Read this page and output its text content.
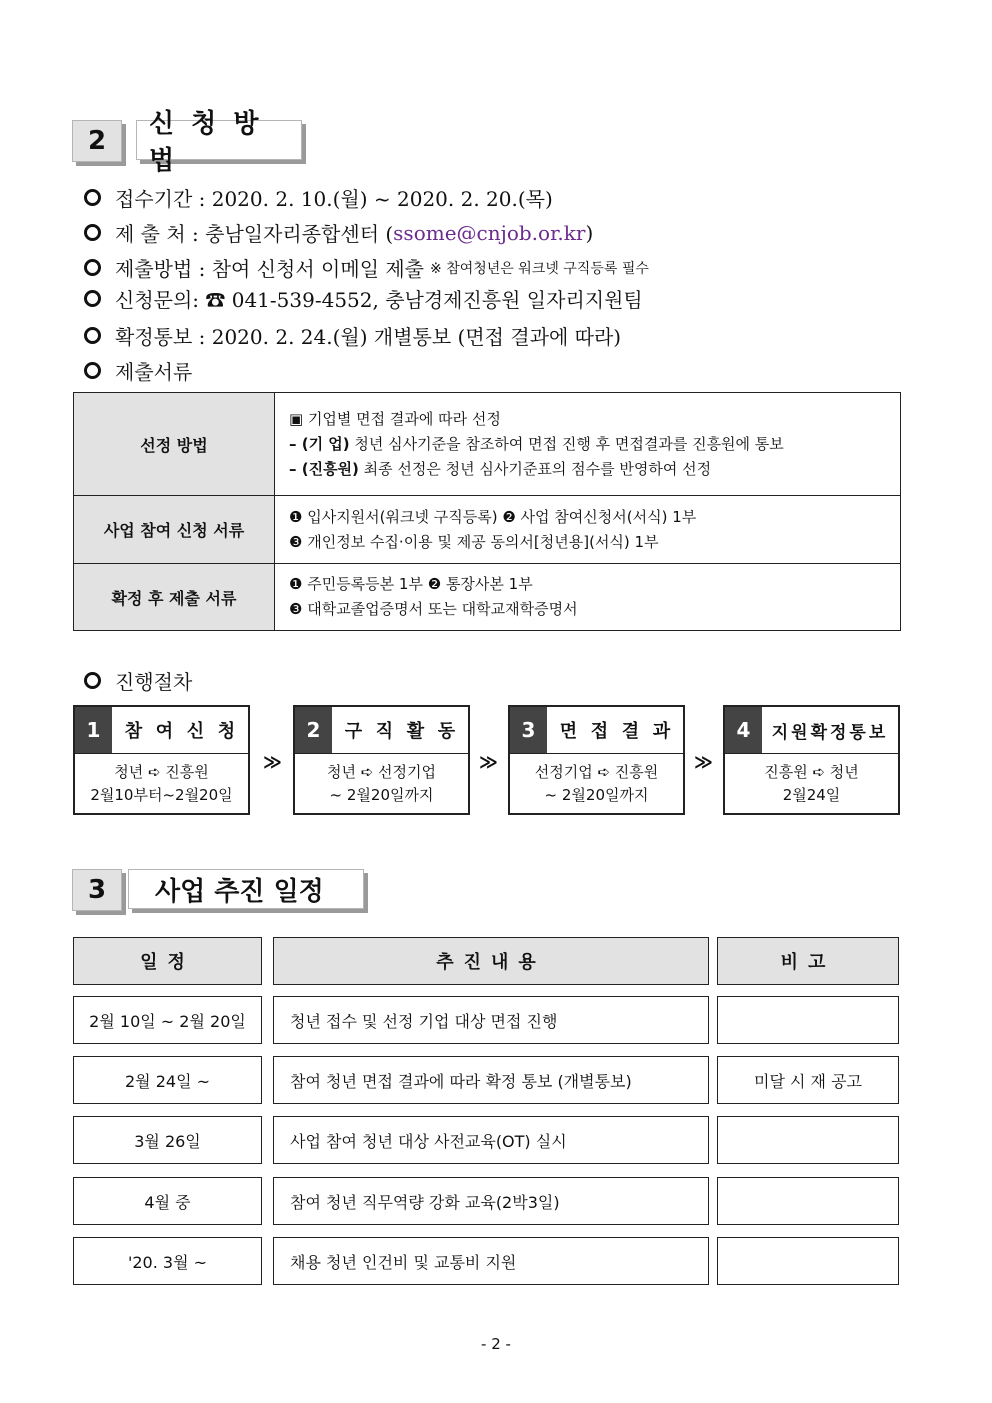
2
신 청 방 법
접수기간 : 2020. 2. 10.(월) ~ 2020. 2. 20.(목)
제 출 처 : 충남일자리종합센터 ( ssome@cnjob.or.kr )
제출방법 : 참여 신청서 이메일 제출 ※ 참여청년은 워크넷 구직등록 필수
신청문의: ☎ 041-539-4552, 충남경제진흥원 일자리지원팀
확정통보 : 2020. 2. 24.(월) 개별통보 (면접 결과에 따라)
제출서류
선정 방법	▣ 기업별 면접 결과에 따라 선정
– (기 업) 청년 심사기준을 참조하여 면접 진행 후 면접결과를 진흥원에 통보
– (진흥원) 최종 선정은 청년 심사기준표의 점수를 반영하여 선정

사업 참여 신청 서류	❶ 입사지원서(워크넷 구직등록) ❷ 사업 참여신청서(서식) 1부
❸ 개인정보 수집·이용 및 제공 동의서[청년용](서식) 1부

확정 후 제출 서류	❶ 주민등록등본 1부 ❷ 통장사본 1부
❸ 대학교졸업증명서 또는 대학교재학증명서
진행절차
1	참 여 신 청
청년 ➪ 진흥원
2월10부터~2월20일
≫
2	구 직 활 동
청년 ➪ 선정기업
~ 2월20일까지
≫
3	면 접 결 과
선정기업 ➪ 진흥원
~ 2월20일까지
≫
4	지원확정통보
진흥원 ➪ 청년
2월24일
3	사업 추진 일정
일정	추진내용	비고
2월 10일 ~ 2월 20일	청년 접수 및 선정 기업 대상 면접 진행
2월 24일 ~	참여 청년 면접 결과에 따라 확정 통보 (개별통보)	미달 시 재 공고
3월 26일	사업 참여 청년 대상 사전교육(OT) 실시
4월 중	참여 청년 직무역량 강화 교육(2박3일)
'20. 3월 ~	채용 청년 인건비 및 교통비 지원
- 2 -
